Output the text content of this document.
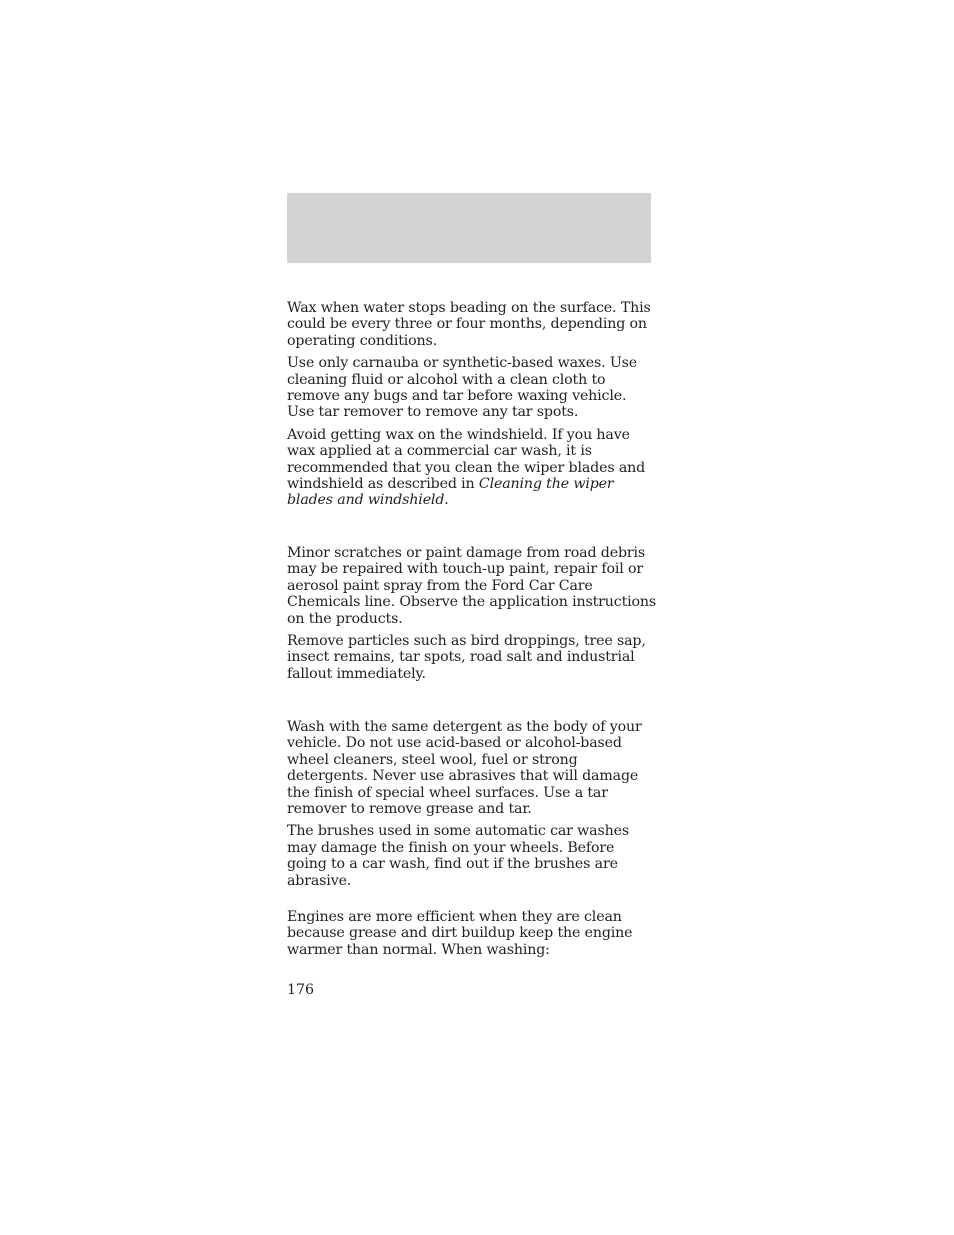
Wax when water stops beading on the surface. This could be every three or four months, depending on operating conditions.

Use only carnauba or synthetic-based waxes. Use cleaning fluid or alcohol with a clean cloth to remove any bugs and tar before waxing vehicle. Use tar remover to remove any tar spots.

Avoid getting wax on the windshield. If you have wax applied at a commercial car wash, it is recommended that you clean the wiper blades and windshield as described in Cleaning the wiper blades and windshield.

Minor scratches or paint damage from road debris may be repaired with touch-up paint, repair foil or aerosol paint spray from the Ford Car Care Chemicals line. Observe the application instructions on the products.

Remove particles such as bird droppings, tree sap, insect remains, tar spots, road salt and industrial fallout immediately.

Wash with the same detergent as the body of your vehicle. Do not use acid-based or alcohol-based wheel cleaners, steel wool, fuel or strong detergents. Never use abrasives that will damage the finish of special wheel surfaces. Use a tar remover to remove grease and tar.

The brushes used in some automatic car washes may damage the finish on your wheels. Before going to a car wash, find out if the brushes are abrasive.

Engines are more efficient when they are clean because grease and dirt buildup keep the engine warmer than normal. When washing:

176
